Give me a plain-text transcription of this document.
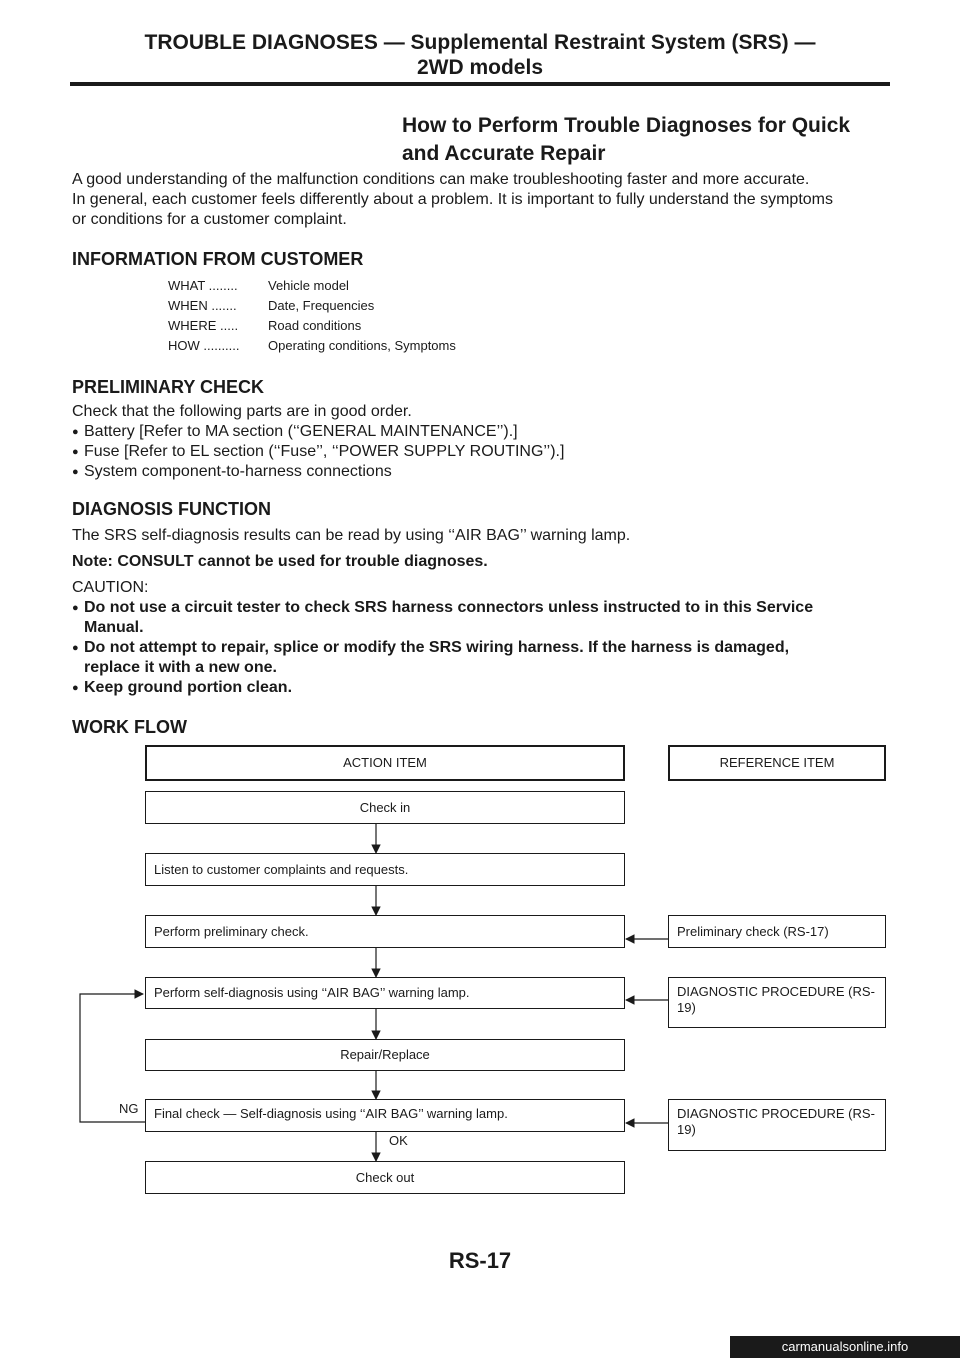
TROUBLE DIAGNOSES — Supplemental Restraint System (SRS) —
2WD models
How to Perform Trouble Diagnoses for Quick
and Accurate Repair

A good understanding of the malfunction conditions can make troubleshooting faster and more accurate.

In general, each customer feels differently about a problem. It is important to fully understand the symptoms

or conditions for a customer complaint.

INFORMATION FROM CUSTOMER

WHAT ........	Vehicle model
WHEN .......	Date, Frequencies
WHERE .....	Road conditions
HOW ..........	Operating conditions, Symptoms

PRELIMINARY CHECK

Check that the following parts are in good order.

● Battery [Refer to MA section (‘‘GENERAL MAINTENANCE’’).]
● Fuse [Refer to EL section (‘‘Fuse’’, ‘‘POWER SUPPLY ROUTING’’).]
● System component-to-harness connections

DIAGNOSIS FUNCTION

The SRS self-diagnosis results can be read by using ‘‘AIR BAG’’ warning lamp.

Note: CONSULT cannot be used for trouble diagnoses.

CAUTION:

● Do not use a circuit tester to check SRS harness connectors unless instructed to in this Service
Manual.
● Do not attempt to repair, splice or modify the SRS wiring harness. If the harness is damaged,
replace it with a new one.
● Keep ground portion clean.

WORK FLOW

ACTION ITEM	REFERENCE ITEM
Check in
Listen to customer complaints and requests.
Perform preliminary check.
Perform self-diagnosis using ‘‘AIR BAG’’ warning lamp.
Repair/Replace
Final check — Self-diagnosis using ‘‘AIR BAG’’ warning lamp.
Check out
Preliminary check (RS-17)
DIAGNOSTIC PROCEDURE (RS-19)
DIAGNOSTIC PROCEDURE (RS-19)
NG
OK
RS-17
carmanualsonline.info
